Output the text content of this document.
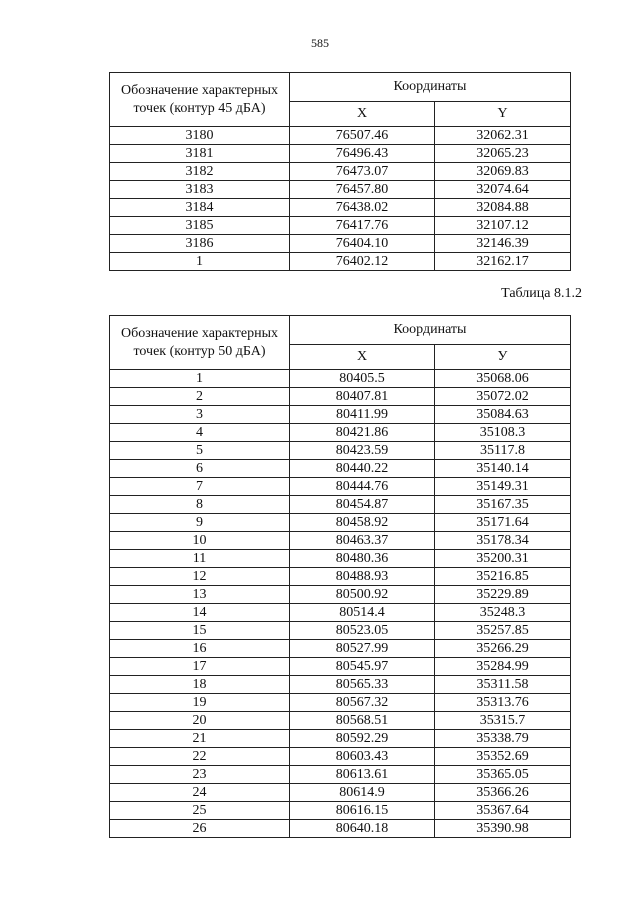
585
Обозначение характерных точек (контур 45 дБА)	Координаты	
	X	Y
3180	76507.46	32062.31
3181	76496.43	32065.23
3182	76473.07	32069.83
3183	76457.80	32074.64
3184	76438.02	32084.88
3185	76417.76	32107.12
3186	76404.10	32146.39
1	76402.12	32162.17
Таблица 8.1.2
Обозначение характерных точек (контур 50 дБА)	Координаты	
	X	У
1	80405.5	35068.06
2	80407.81	35072.02
3	80411.99	35084.63
4	80421.86	35108.3
5	80423.59	35117.8
6	80440.22	35140.14
7	80444.76	35149.31
8	80454.87	35167.35
9	80458.92	35171.64
10	80463.37	35178.34
11	80480.36	35200.31
12	80488.93	35216.85
13	80500.92	35229.89
14	80514.4	35248.3
15	80523.05	35257.85
16	80527.99	35266.29
17	80545.97	35284.99
18	80565.33	35311.58
19	80567.32	35313.76
20	80568.51	35315.7
21	80592.29	35338.79
22	80603.43	35352.69
23	80613.61	35365.05
24	80614.9	35366.26
25	80616.15	35367.64
26	80640.18	35390.98
